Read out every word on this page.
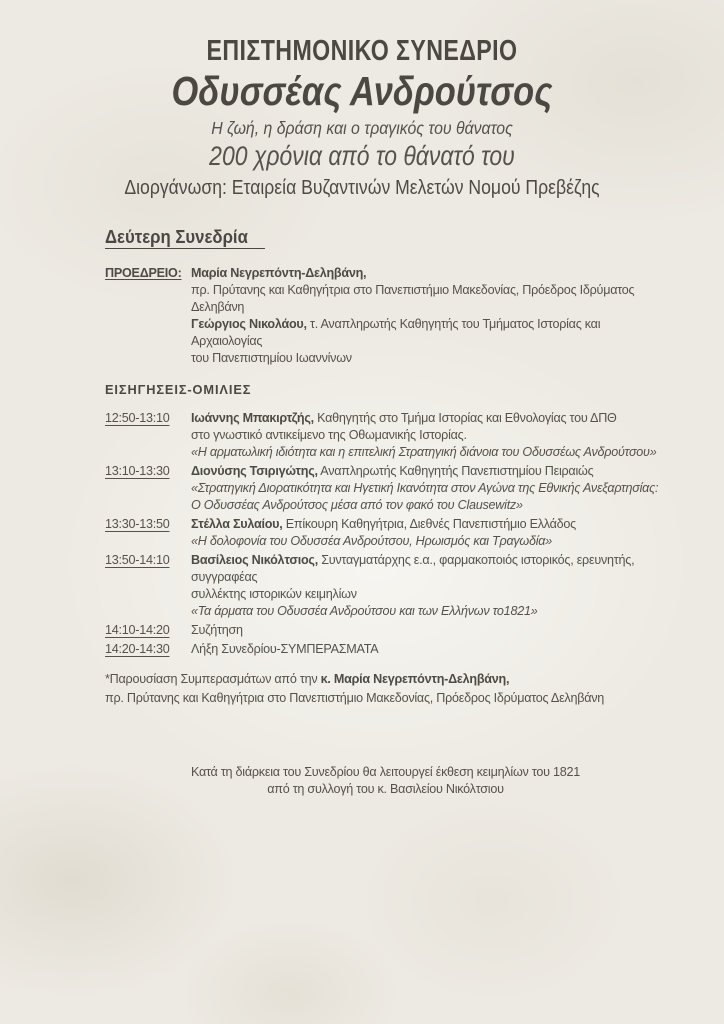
ΕΠΙΣΤΗΜΟΝΙΚΟ ΣΥΝΕΔΡΙΟ
Οδυσσέας Ανδρούτσος
Η ζωή, η δράση και ο τραγικός του θάνατος
200 χρόνια από το θάνατό του
Διοργάνωση: Εταιρεία Βυζαντινών Μελετών Νομού Πρεβέζης
Δεύτερη Συνεδρία
ΠΡΟΕΔΡΕΙΟ: Μαρία Νεγρεπόντη-Δεληβάνη,
πρ. Πρύτανης και Καθηγήτρια στο Πανεπιστήμιο Μακεδονίας, Πρόεδρος Ιδρύματος Δεληβάνη
Γεώργιος Νικολάου, τ. Αναπληρωτής Καθηγητής του Τμήματος Ιστορίας και Αρχαιολογίας
του Πανεπιστημίου Ιωαννίνων
ΕΙΣΗΓΗΣΕΙΣ-ΟΜΙΛΙΕΣ
12:50-13:10 Ιωάννης Μπακιρτζής, Καθηγητής στο Τμήμα Ιστορίας και Εθνολογίας του ΔΠΘ
στο γνωστικό αντικείμενο της Οθωμανικής Ιστορίας.
«Η αρματωλική ιδιότητα και η επιτελική Στρατηγική διάνοια του Οδυσσέως Ανδρούτσου»
13:10-13:30 Διονύσης Τσιριγώτης, Αναπληρωτής Καθηγητής Πανεπιστημίου Πειραιώς
«Στρατηγική Διορατικότητα και Ηγετική Ικανότητα στον Αγώνα της Εθνικής Ανεξαρτησίας:
Ο Οδυσσέας Ανδρούτσος μέσα από τον φακό του Clausewitz»
13:30-13:50 Στέλλα Συλαίου, Επίκουρη Καθηγήτρια, Διεθνές Πανεπιστήμιο Ελλάδος
«Η δολοφονία του Οδυσσέα Ανδρούτσου, Ηρωισμός και Τραγωδία»
13:50-14:10 Βασίλειος Νικόλτσιος, Συνταγματάρχης ε.α., φαρμακοποιός ιστορικός, ερευνητής, συγγραφέας
συλλέκτης ιστορικών κειμηλίων
«Τα άρματα του Οδυσσέα Ανδρούτσου και των Ελλήνων το1821»
14:10-14:20 Συζήτηση
14:20-14:30 Λήξη Συνεδρίου-ΣΥΜΠΕΡΑΣΜΑΤΑ
*Παρουσίαση Συμπερασμάτων από την κ. Μαρία Νεγρεπόντη-Δεληβάνη,
πρ. Πρύτανης και Καθηγήτρια στο Πανεπιστήμιο Μακεδονίας, Πρόεδρος Ιδρύματος Δεληβάνη
Κατά τη διάρκεια του Συνεδρίου θα λειτουργεί έκθεση κειμηλίων του 1821
από τη συλλογή του κ. Βασιλείου Νικόλτσιου
